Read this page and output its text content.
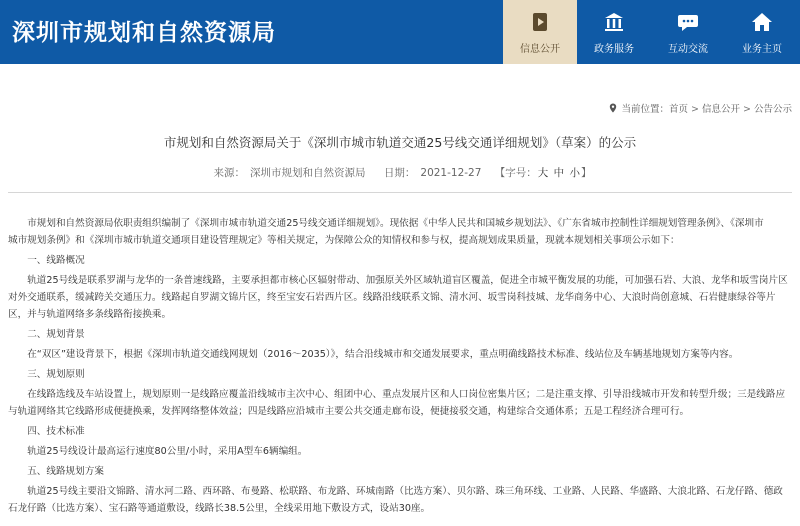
深圳市规划和自然资源局
信息公开	政务服务	互动交流	业务主页
当前位置：首页 > 信息公开 > 公告公示
市规划和自然资源局关于《深圳市城市轨道交通25号线交通详细规划》（草案）的公示
来源： 深圳市规划和自然资源局 日期： 2021-12-27 【字号：大 中 小】

市规划和自然资源局依职责组织编制了《深圳市城市轨道交通25号线交通详细规划》。现依据《中华人民共和国城乡规划法》、《广东省城市控制性详细规划管理条例》、《深圳市
城市规划条例》和《深圳市城市轨道交通项目建设管理规定》等相关规定，为保障公众的知情权和参与权，提高规划成果质量，现就本规划相关事项公示如下：

一、线路概况

轨道25号线是联系罗湖与龙华的一条普速线路，主要承担都市核心区辐射带动、加强原关外区域轨道盲区覆盖，促进全市城平衡发展的功能，可加强石岩、大浪、龙华和坂雪岗片区
对外交通联系，缓减跨关交通压力。线路起自罗湖文锦片区，终至宝安石岩西片区。线路沿线联系文锦、清水河、坂雪岗科技城、龙华商务中心、大浪时尚创意城、石岩健康绿谷等片
区，并与轨道网络多条线路衔接换乘。

二、规划背景

在“双区”建设背景下，根据《深圳市轨道交通线网规划（2016～2035）》，结合沿线城市和交通发展要求，重点明确线路技术标准、线站位及车辆基地规划方案等内容。

三、规划原则

在线路选线及车站设置上，规划原则一是线路应覆盖沿线城市主次中心、组团中心、重点发展片区和人口岗位密集片区；二是注重支撑、引导沿线城市开发和转型升级；三是线路应
与轨道网络其它线路形成便捷换乘，发挥网络整体效益；四是线路应沿城市主要公共交通走廊布设，便捷接驳交通，构建综合交通体系；五是工程经济合理可行。

四、技术标准

轨道25号线设计最高运行速度80公里/小时，采用A型车6辆编组。

五、线路规划方案

轨道25号线主要沿文锦路、清水河二路、西环路、布曼路、松联路、布龙路、环城南路（比选方案）、贝尔路、珠三角环线、工业路、人民路、华盛路、大浪北路、石龙仔路、德政
石龙仔路（比选方案）、宝石路等通道敷设，线路长38.5公里，全线采用地下敷设方式，设站30座。
